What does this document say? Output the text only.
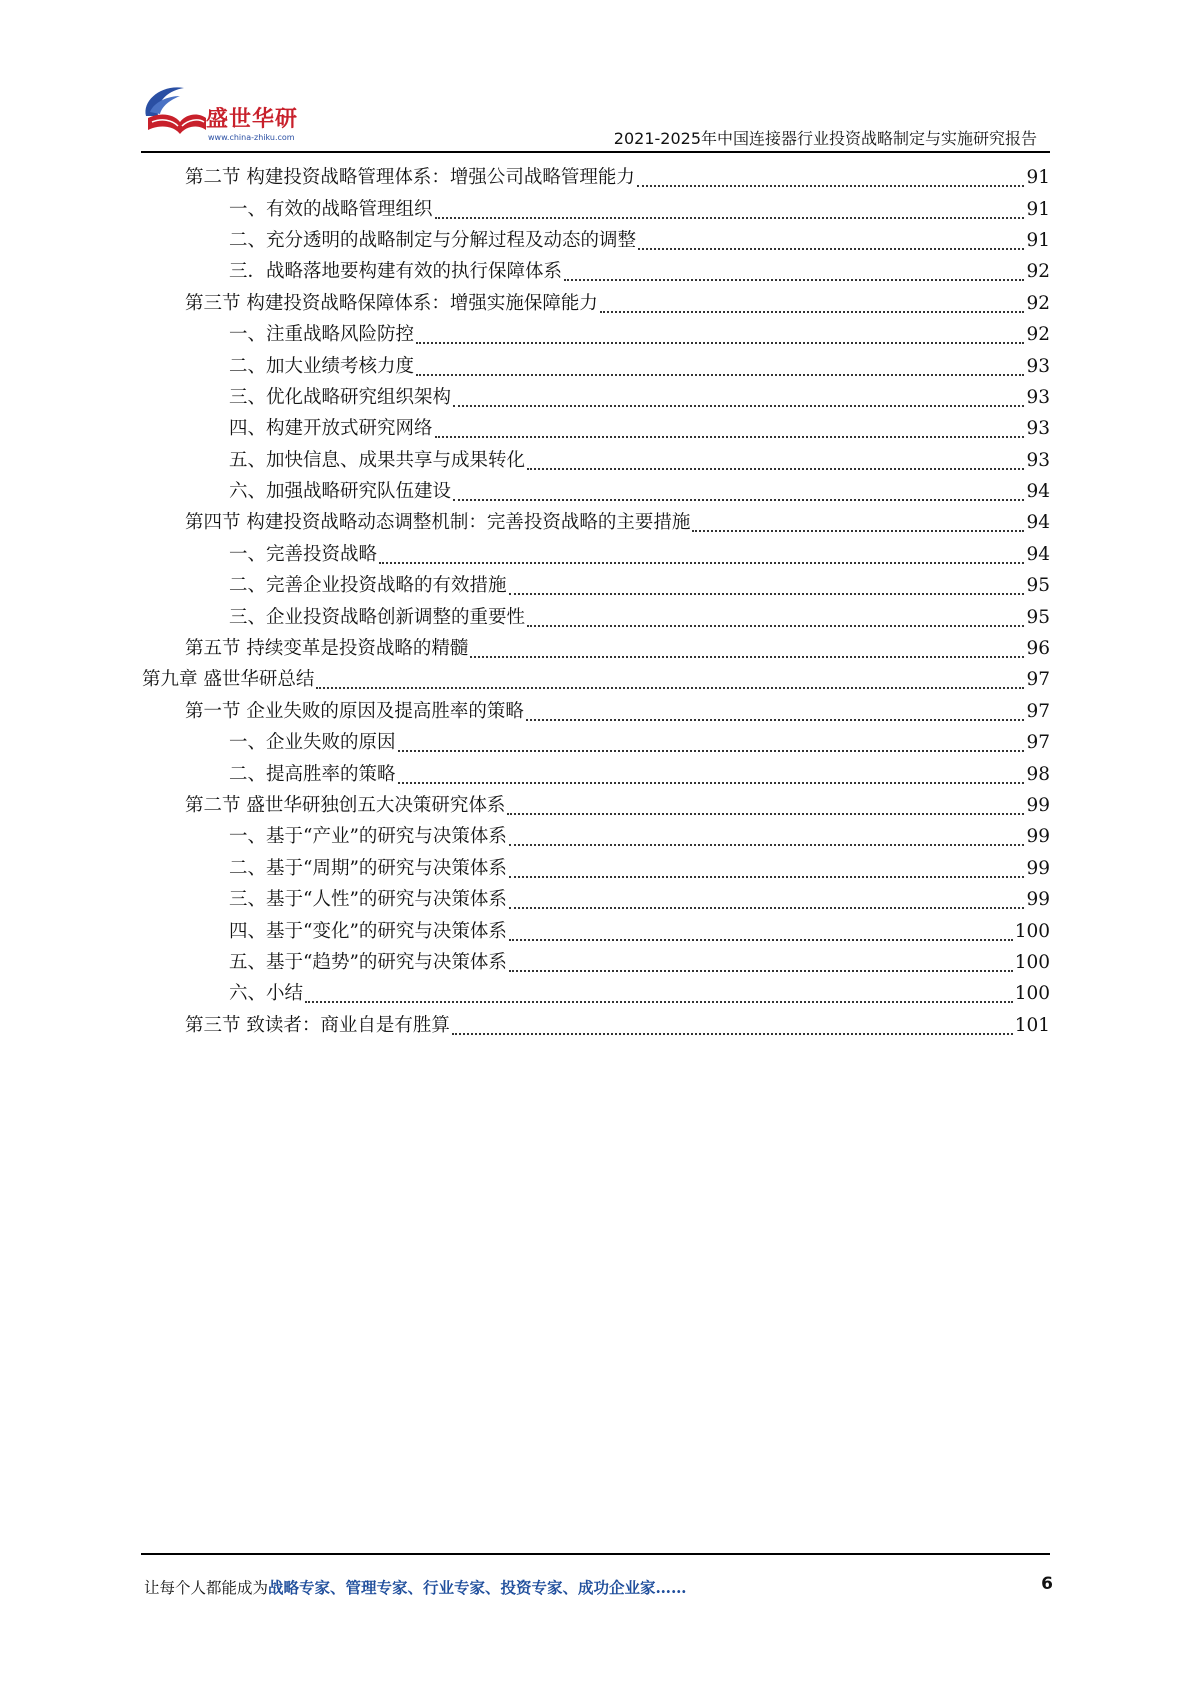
盛世华研
www.china-zhiku.com	2021-2025年中国连接器行业投资战略制定与实施研究报告
第二节 构建投资战略管理体系：增强公司战略管理能力	91
一、有效的战略管理组织	91
二、充分透明的战略制定与分解过程及动态的调整	91
三．战略落地要构建有效的执行保障体系	92
第三节 构建投资战略保障体系：增强实施保障能力	92
一、注重战略风险防控	92
二、加大业绩考核力度	93
三、优化战略研究组织架构	93
四、构建开放式研究网络	93
五、加快信息、成果共享与成果转化	93
六、加强战略研究队伍建设	94
第四节 构建投资战略动态调整机制：完善投资战略的主要措施	94
一、完善投资战略	94
二、完善企业投资战略的有效措施	95
三、企业投资战略创新调整的重要性	95
第五节 持续变革是投资战略的精髓	96
第九章 盛世华研总结	97
第一节 企业失败的原因及提高胜率的策略	97
一、企业失败的原因	97
二、提高胜率的策略	98
第二节 盛世华研独创五大决策研究体系	99
一、基于“产业”的研究与决策体系	99
二、基于“周期”的研究与决策体系	99
三、基于“人性”的研究与决策体系	99
四、基于“变化”的研究与决策体系	100
五、基于“趋势”的研究与决策体系	100
六、小结	100
第三节 致读者：商业自是有胜算	101
让每个人都能成为战略专家、管理专家、行业专家、投资专家、成功企业家……	6
